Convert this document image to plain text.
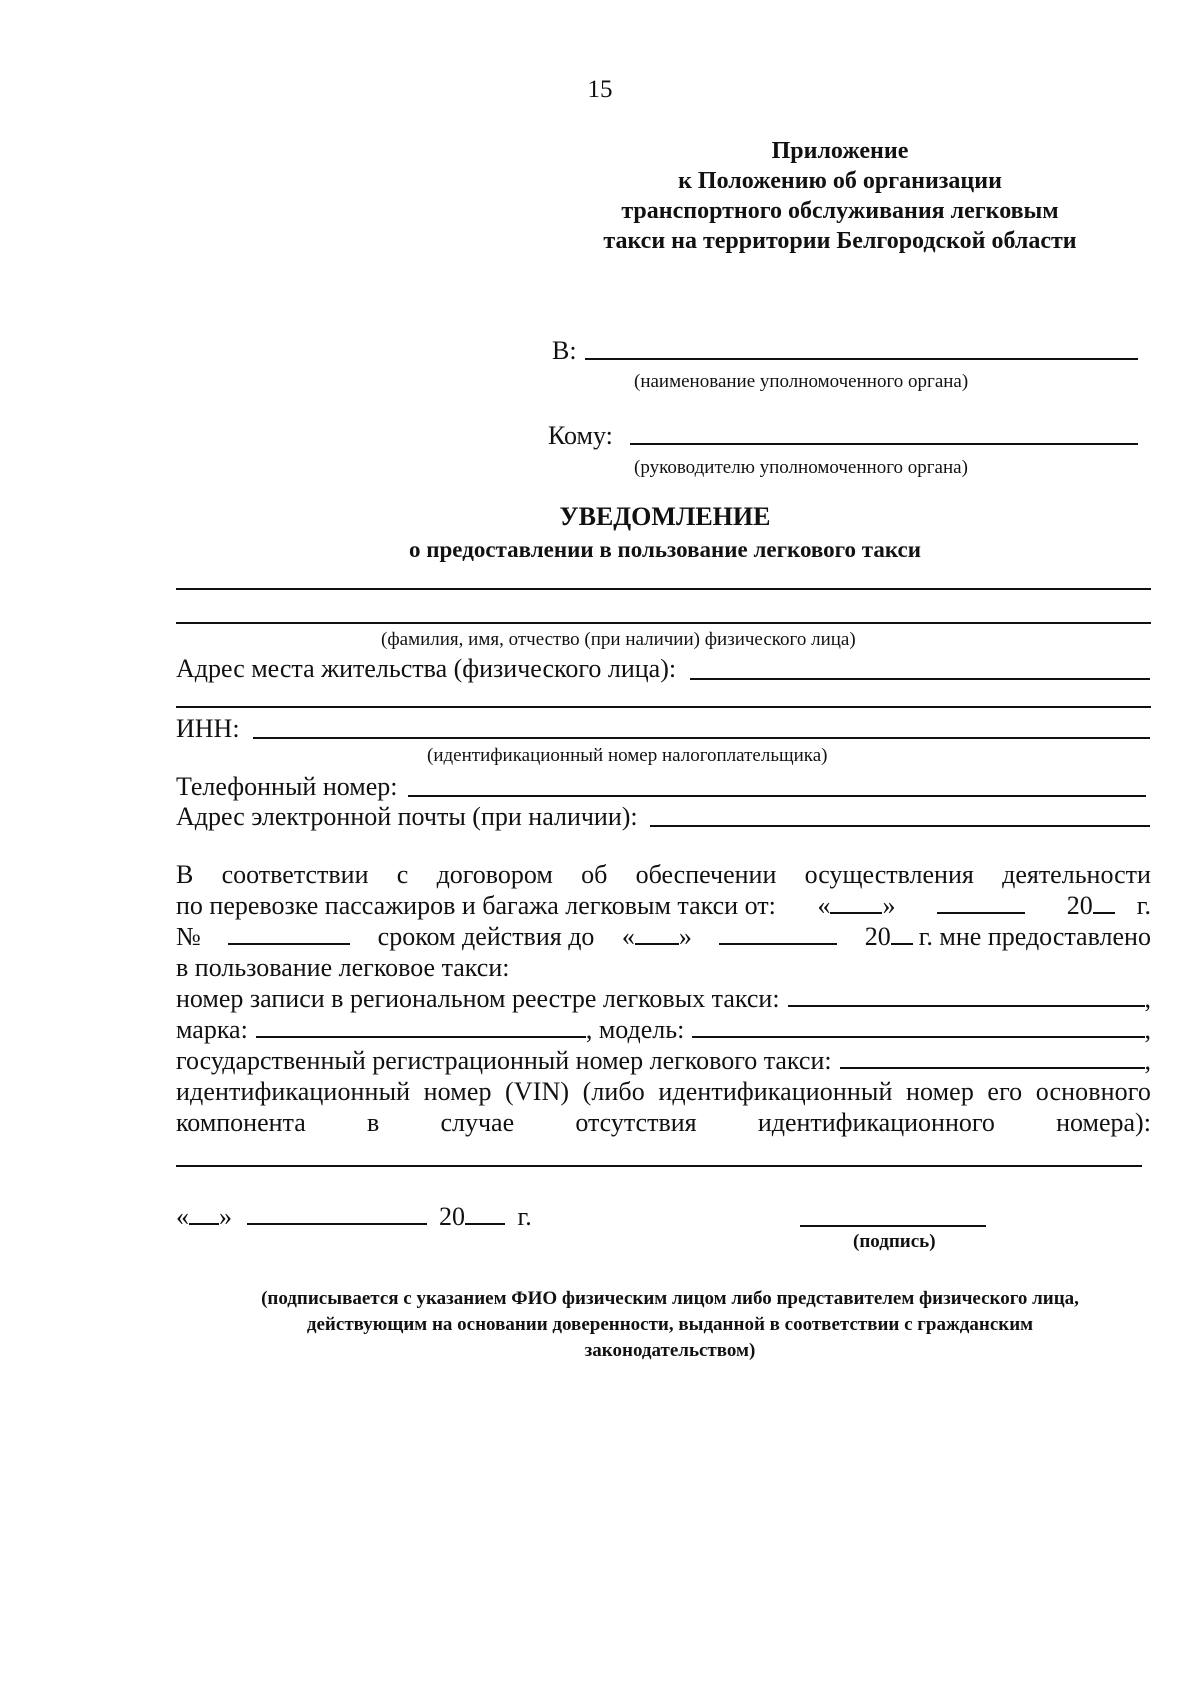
15
Приложение
к Положению об организации
транспортного обслуживания легковым
такси на территории Белгородской области
В:
(наименование уполномоченного органа)
Кому:
(руководителю уполномоченного органа)
УВЕДОМЛЕНИЕ
о предоставлении в пользование легкового такси
(фамилия, имя, отчество (при наличии) физического лица)
Адрес места жительства (физического лица):
ИНН:
(идентификационный номер налогоплательщика)
Телефонный номер:
Адрес электронной почты (при наличии):
В соответствии с договором об обеспечении осуществления деятельности
по перевозке пассажиров и багажа легковым такси от: « »	20 г.
№	сроком действия до « »	20 г. мне предоставлено
в пользование легковое такси:
номер записи в региональном реестре легковых такси:	,
марка:	, модель:	,
государственный регистрационный номер легкового такси:	,
идентификационный номер (VIN) (либо идентификационный номер его основного
компонента в случае отсутствия идентификационного номера):
« »	20 г.
(подпись)
(подписывается с указанием ФИО физическим лицом либо представителем физического лица,
действующим на основании доверенности, выданной в соответствии с гражданским
законодательством)
